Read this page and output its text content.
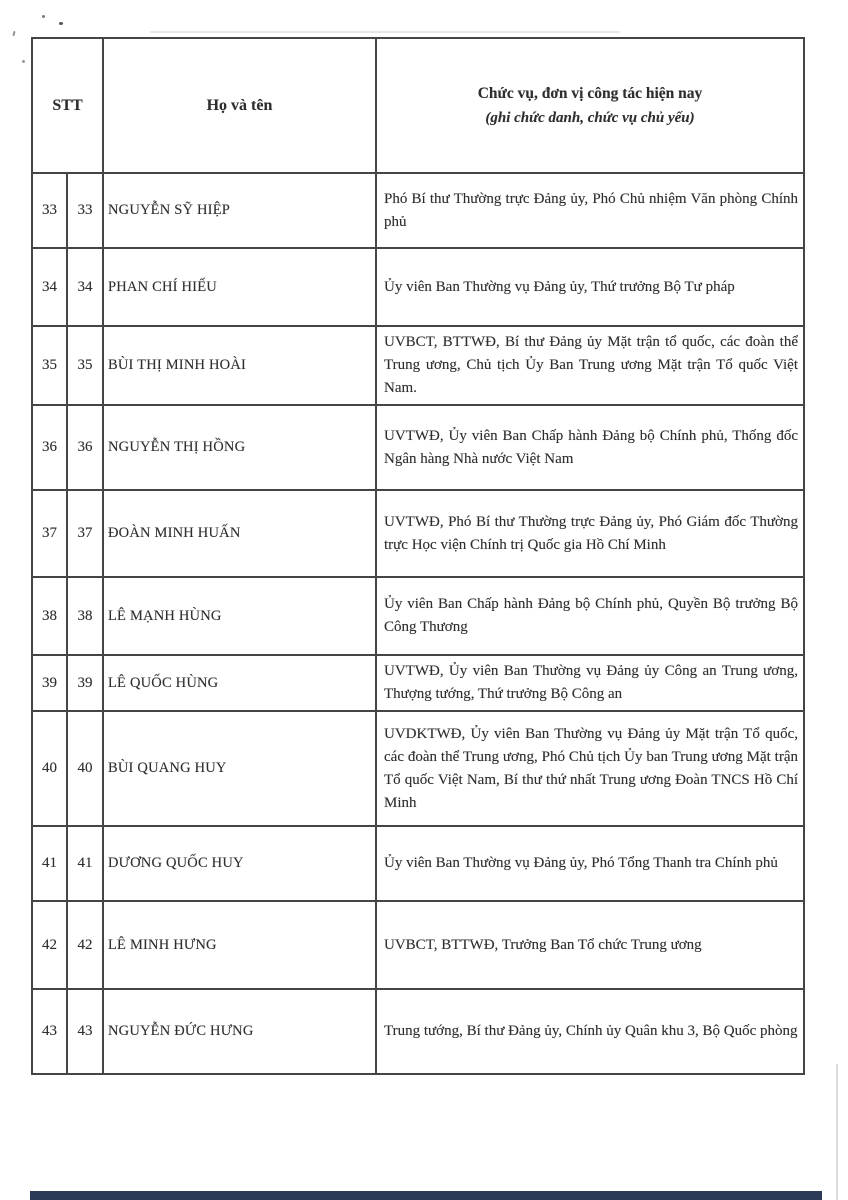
STT		Họ và tên	Chức vụ, đơn vị công tác hiện nay
(ghi chức danh, chức vụ chủ yếu)

33	33	NGUYỄN SỸ HIỆP	Phó Bí thư Thường trực Đảng ủy, Phó Chủ nhiệm Văn phòng Chính phủ
34	34	PHAN CHÍ HIẾU	Ủy viên Ban Thường vụ Đảng ủy, Thứ trưởng Bộ Tư pháp
35	35	BÙI THỊ MINH HOÀI	UVBCT, BTTWĐ, Bí thư Đảng ủy Mặt trận tổ quốc, các đoàn thể Trung ương, Chủ tịch Ủy Ban Trung ương Mặt trận Tổ quốc Việt Nam.
36	36	NGUYỄN THỊ HỒNG	UVTWĐ, Ủy viên Ban Chấp hành Đảng bộ Chính phủ, Thống đốc Ngân hàng Nhà nước Việt Nam
37	37	ĐOÀN MINH HUẤN	UVTWĐ, Phó Bí thư Thường trực Đảng ủy, Phó Giám đốc Thường trực Học viện Chính trị Quốc gia Hồ Chí Minh
38	38	LÊ MẠNH HÙNG	Ủy viên Ban Chấp hành Đảng bộ Chính phủ, Quyền Bộ trưởng Bộ Công Thương
39	39	LÊ QUỐC HÙNG	UVTWĐ, Ủy viên Ban Thường vụ Đảng ủy Công an Trung ương, Thượng tướng, Thứ trưởng Bộ Công an
40	40	BÙI QUANG HUY	UVDKTWĐ, Ủy viên Ban Thường vụ Đảng ủy Mặt trận Tổ quốc, các đoàn thể Trung ương, Phó Chủ tịch Ủy ban Trung ương Mặt trận Tổ quốc Việt Nam, Bí thư thứ nhất Trung ương Đoàn TNCS Hồ Chí Minh
41	41	DƯƠNG QUỐC HUY	Ủy viên Ban Thường vụ Đảng ủy, Phó Tổng Thanh tra Chính phủ
42	42	LÊ MINH HƯNG	UVBCT, BTTWĐ, Trưởng Ban Tổ chức Trung ương
43	43	NGUYỄN ĐỨC HƯNG	Trung tướng, Bí thư Đảng ủy, Chính ủy Quân khu 3, Bộ Quốc phòng
